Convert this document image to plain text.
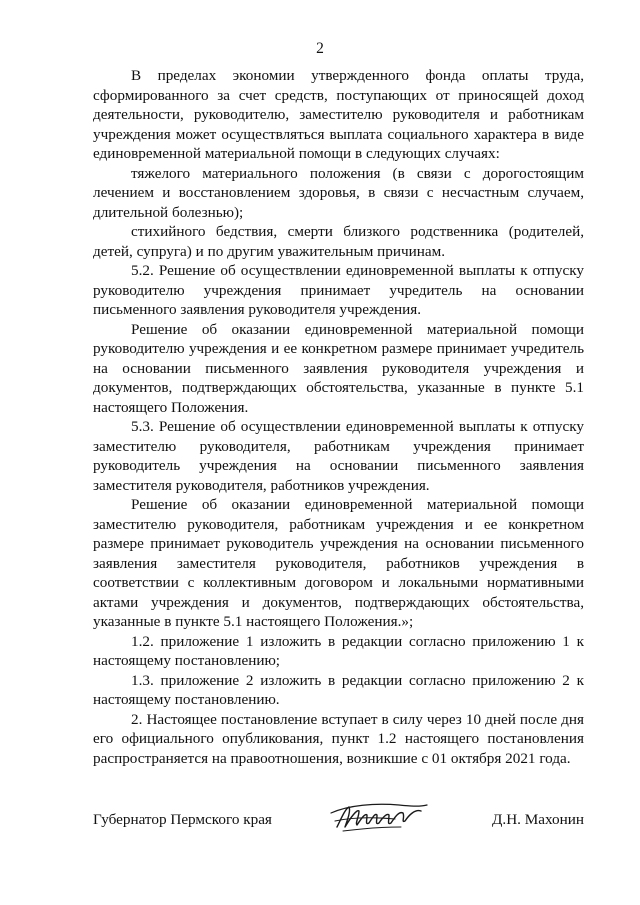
2

В пределах экономии утвержденного фонда оплаты труда, сформированного за счет средств, поступающих от приносящей доход деятельности, руководителю, заместителю руководителя и работникам учреждения может осуществляться выплата социального характера в виде единовременной материальной помощи в следующих случаях:

тяжелого материального положения (в связи с дорогостоящим лечением и восстановлением здоровья, в связи с несчастным случаем, длительной болезнью);

стихийного бедствия, смерти близкого родственника (родителей, детей, супруга) и по другим уважительным причинам.

5.2. Решение об осуществлении единовременной выплаты к отпуску руководителю учреждения принимает учредитель на основании письменного заявления руководителя учреждения.

Решение об оказании единовременной материальной помощи руководителю учреждения и ее конкретном размере принимает учредитель на основании письменного заявления руководителя учреждения и документов, подтверждающих обстоятельства, указанные в пункте 5.1 настоящего Положения.

5.3. Решение об осуществлении единовременной выплаты к отпуску заместителю руководителя, работникам учреждения принимает руководитель учреждения на основании письменного заявления заместителя руководителя, работников учреждения.

Решение об оказании единовременной материальной помощи заместителю руководителя, работникам учреждения и ее конкретном размере принимает руководитель учреждения на основании письменного заявления заместителя руководителя, работников учреждения в соответствии с коллективным договором и локальными нормативными актами учреждения и документов, подтверждающих обстоятельства, указанные в пункте 5.1 настоящего Положения.»;

1.2. приложение 1 изложить в редакции согласно приложению 1 к настоящему постановлению;

1.3. приложение 2 изложить в редакции согласно приложению 2 к настоящему постановлению.

2. Настоящее постановление вступает в силу через 10 дней после дня его официального опубликования, пункт 1.2 настоящего постановления распространяется на правоотношения, возникшие с 01 октября 2021 года.

Губернатор Пермского края	Д.Н. Махонин
